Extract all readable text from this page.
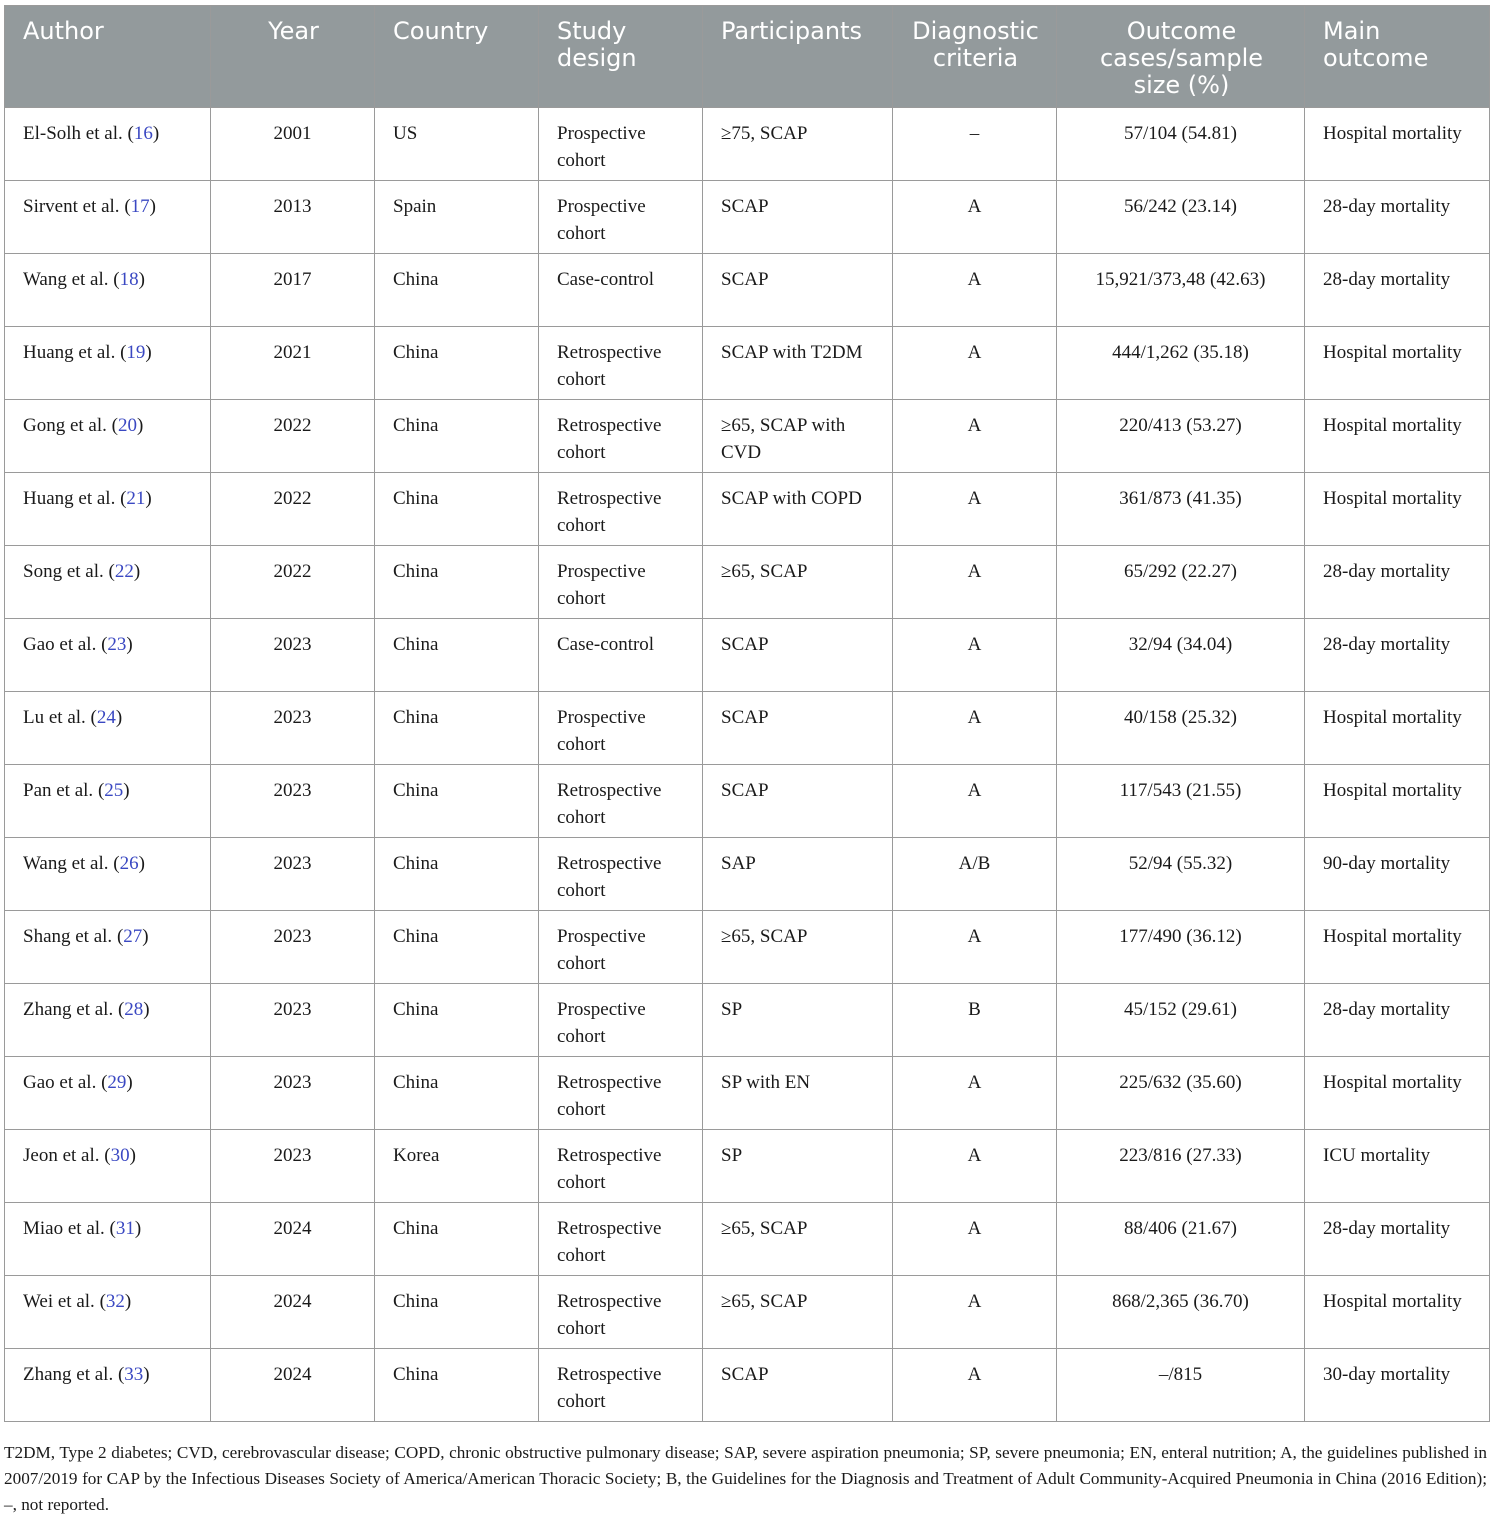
Author	Year	Country	Study design	Participants	Diagnostic criteria	Outcome cases/sample size (%)	Main outcome
El-Solh et al. (16)	2001	US	Prospective cohort	≥75, SCAP	–	57/104 (54.81)	Hospital mortality
Sirvent et al. (17)	2013	Spain	Prospective cohort	SCAP	A	56/242 (23.14)	28-day mortality
Wang et al. (18)	2017	China	Case-control	SCAP	A	15,921/373,48 (42.63)	28-day mortality
Huang et al. (19)	2021	China	Retrospective cohort	SCAP with T2DM	A	444/1,262 (35.18)	Hospital mortality
Gong et al. (20)	2022	China	Retrospective cohort	≥65, SCAP with CVD	A	220/413 (53.27)	Hospital mortality
Huang et al. (21)	2022	China	Retrospective cohort	SCAP with COPD	A	361/873 (41.35)	Hospital mortality
Song et al. (22)	2022	China	Prospective cohort	≥65, SCAP	A	65/292 (22.27)	28-day mortality
Gao et al. (23)	2023	China	Case-control	SCAP	A	32/94 (34.04)	28-day mortality
Lu et al. (24)	2023	China	Prospective cohort	SCAP	A	40/158 (25.32)	Hospital mortality
Pan et al. (25)	2023	China	Retrospective cohort	SCAP	A	117/543 (21.55)	Hospital mortality
Wang et al. (26)	2023	China	Retrospective cohort	SAP	A/B	52/94 (55.32)	90-day mortality
Shang et al. (27)	2023	China	Prospective cohort	≥65, SCAP	A	177/490 (36.12)	Hospital mortality
Zhang et al. (28)	2023	China	Prospective cohort	SP	B	45/152 (29.61)	28-day mortality
Gao et al. (29)	2023	China	Retrospective cohort	SP with EN	A	225/632 (35.60)	Hospital mortality
Jeon et al. (30)	2023	Korea	Retrospective cohort	SP	A	223/816 (27.33)	ICU mortality
Miao et al. (31)	2024	China	Retrospective cohort	≥65, SCAP	A	88/406 (21.67)	28-day mortality
Wei et al. (32)	2024	China	Retrospective cohort	≥65, SCAP	A	868/2,365 (36.70)	Hospital mortality
Zhang et al. (33)	2024	China	Retrospective cohort	SCAP	A	–/815	30-day mortality

T2DM, Type 2 diabetes; CVD, cerebrovascular disease; COPD, chronic obstructive pulmonary disease; SAP, severe aspiration pneumonia; SP, severe pneumonia; EN, enteral nutrition; A, the guidelines published in 2007/2019 for CAP by the Infectious Diseases Society of America/American Thoracic Society; B, the Guidelines for the Diagnosis and Treatment of Adult Community-Acquired Pneumonia in China (2016 Edition); –, not reported.
